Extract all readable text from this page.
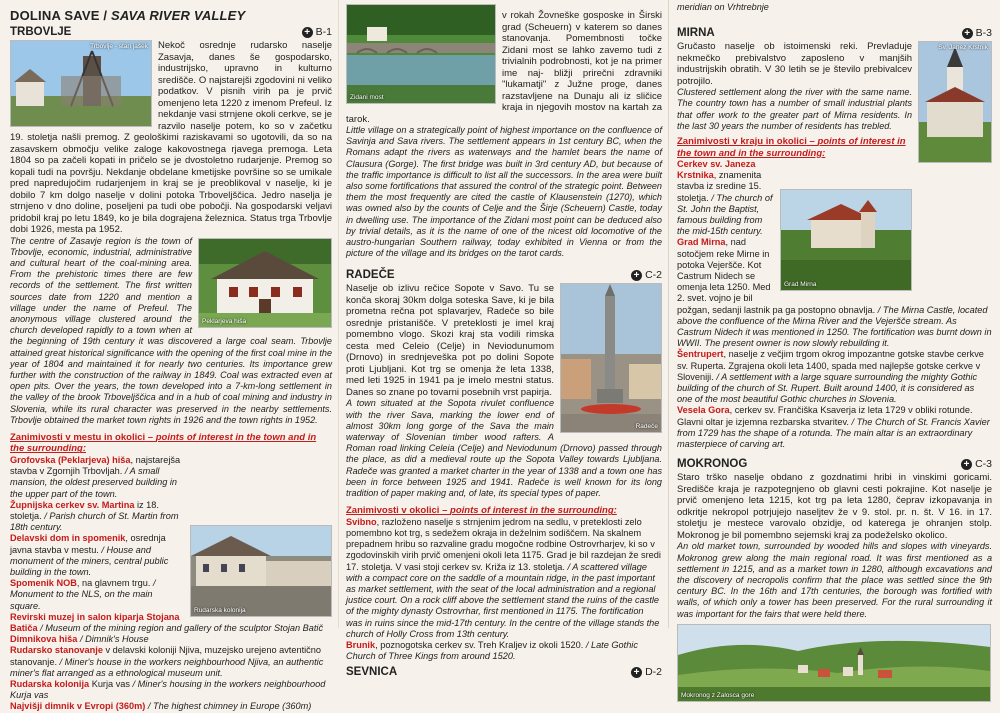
DOLINA SAVE / SAVA RIVER VALLEY
TRBOVLJE	+ B-1
Trbovlje - stari jašek	Nekoč osrednje rudarsko naselje Zasavja, danes še gospodarsko, industrijsko, upravno in kulturno središče. O najstarejši zgodovini ni veliko podatkov. V pisnih virih pa je prvič omenjeno leta 1220 z imenom Prefeul. Iz nekdanje vasi strnjene okoli cerkve, se je razvilo naselje potem, ko so v začetku 19. stoletja našli premog. Z geološkimi raziskavami so ugotovili, da so na zasavskem območju velike zaloge kakovostnega rjavega premoga. Leta 1804 so pa začeli kopati in pričelo se je dvostoletno rudarjenje. Premog so kopali tudi na površju. Nekdanje obdelane kmetijske površine so se umikale pred napredujočim rudarjenjem in kraj se je preoblikoval v naselje, ki je dobilo 7 km dolgo naselje v dolini potoka Trboveljščica. Jedro naselja je strnjeno v dno doline, poseljeni pa tudi obe pobočji. Na gospodarski veljavi pridobil kraj po letu 1849, ko je bila dograjena železnica. Status trga Trbovlje dobi 1926, mesta pa 1952.

Peklarjeva hiša

The centre of Zasavje region is the town of Trbovlje, economic, industrial, administrative and cultural heart of the coal-mining area. From the prehistoric times there are few records of the settlement. The first written sources date from 1220 and mention a village under the name of Prefeul. The anonymous village clustered around the church developed rapidly to a town when at the beginning of 19th century it was discovered a large coal seam. Trbovlje attained great historical significance with the opening of the first coal mine in the year of 1804 and maintained it for nearly two centuries. Its importance grew further with the construction of the railway in 1849. Coal was extracted even at open pits. Over the years, the town developed into a 7-km-long settlement in the valley of the brook Trboveljščica and in a hub of coal mining and industry in Slovenia, while its rural character was preserved in the nearby settlements. Trbovlje obtained the market town rights in 1926 and the town rights in 1952.

Zanimivosti v mestu in okolici – points of interest in the town and in the surrounding:

Rudarska kolonija
Grofovska (Peklarjeva) hiša, najstarejša stavba v Zgornjih Trbovljah. / A small mansion, the oldest preserved building in the upper part of the town.
Župnijska cerkev sv. Martina iz 18. stoletja. / Parish church of St. Martin from 18th century.
Delavski dom in spomenik, osrednja javna stavba v mestu. / House and monument of the miners, central public building in the town.
Spomenik NOB, na glavnem trgu. / Monument to the NLS, on the main square.
Revirski muzej in salon kiparja Stojana Batiča / Museum of the mining region and gallery of the sculptor Stojan Batič
Dimnikova hiša / Dimnik's House
Rudarsko stanovanje v delavski koloniji Njiva, muzejsko urejeno avtentično stanovanje. / Miner's house in the workers neighbourhood Njiva, an authentic miner's flat arranged as a ethnological museum unit.
Rudarska kolonija Kurja vas / Miner's housing in the workers neighbourhood Kurja vas
Najvišji dimnik v Evropi (360m) / The highest chimney in Europe (360m)
Zidani most

v rokah Žovneške gosposke in Širski grad (Scheuern) v katerem so danes stanovanja. Pomembnosti točke Zidani most se lahko zavemo tudi z trivialnih podrobnosti, kot je na primer ime naj- bližji prirečni zdravniki "lukamatji" z Južne proge, danes razstavljene na Dunaju ali iz sličice kraja in njegovih mostov na kartah za tarok.

Little village on a strategically point of highest importance on the confluence of Savinja and Sava rivers. The settlement appears in 1st century BC, when the Romans adapt the rivers as waterways and the hamlet bears the name of Clausura (Gorge). The first bridge was built in 3rd century AD, but because of the traffic importance is difficult to list all the successors. In the area were built also some fortifications that assured the control of the strategic point. Between them the most frequently are cited the castle of Klausenstein (1270), which was owned also by the counts of Celje and the Širje (Scheuern) Castle, today in dwelling use. The importance of the Zidani most point can be deduced also by trivial details, as it is the name of one of the nicest old locomotive of the austro-hungarian Southern railway, today exhibited in Vienna or from the picture of the village and its bridges on the tarot cards.

RADEČE	+ C-2
Radeče

Naselje ob izlivu rečice Sopote v Savo. Tu se konča skoraj 30km dolga soteska Save, ki je bila prometna rečna pot splavarjev, Radeče so bile osrednje pristanišče. V preteklosti je imel kraj pomembno vlogo. Skozi kraj sta vodili rimska cesta med Celeio (Celje) in Neviodunumom (Drnovo) in srednjeveška pot po dolini Sopote proti Ljubljani. Kot trg se omenja že leta 1338, med leti 1925 in 1941 pa je imelo mestni status. Danes so znane po tovarni posebnih vrst papirja.

A town situated at the Sopota rivulet confluence with the river Sava, marking the lower end of almost 30km long gorge of the Sava the main waterway of Slovenian timber wood rafters. A Roman road linking Celeia (Celje) and Neviodunum (Drnovo) passed through the place, as did a medieval route up the Sopota Valley towards Ljubljana. Radeče was granted a market charter in the year of 1338 and a town one has been in force between 1925 and 1941. Radeče is well known for its long tradition of paper making and, of late, its special types of paper.

Zanimivosti v okolici – points of interest in the surrounding:

Svibno, razloženo naselje s strnjenim jedrom na sedlu, v preteklosti zelo pomembno kot trg, s sedežem okraja in deželnim sodiščem. Na skalnem prepadnem hribu so razvaline gradu mogočne rodbine Ostrovrharjev, ki so v zgodovinskih virih prvič omenjeni okoli leta 1175. Grad je bil razdejan že sredi 17. stoletja. V vasi stoji cerkev sv. Križa iz 13. stoletja. / A scattered village with a compact core on the saddle of a mountain ridge, in the past important as market settlement, with the seat of the local administration and a regional justice court. On a rock cliff above the settlement stand the ruins of the castle of the mighty dynasty Ostrovrhar, first mentioned in 1175. The fortification was in ruins since the mid-17th century. In the centre of the village stands the church of Holly Cross from 13th century.
Brunik, poznogotska cerkev sv. Treh Kraljev iz okoli 1520. / Late Gothic Church of Three Kings from around 1520.
SEVNICA	+ D-2

meridian on Vrhtrebnje

MIRNA	+ B-3
Sv. Janez Krstnik

Gručasto naselje ob istoimenski reki. Prevladuje nekmečko prebivalstvo zaposleno v manjših industrijskih obratih. V 30 letih se je število prebivalcev potrojilo.

Clustered settlement along the river with the same name. The country town has a number of small industrial plants that offer work to the greater part of Mirna residents. In the last 30 years the number of residents has trebled.

Zanimivosti v kraju in okolici – points of interest in the town and in the surrounding:

Grad Mirna
Cerkev sv. Janeza Krstnika, znamenita stavba iz sredine 15. stoletja. / The church of St. John the Baptist, famous building from the mid-15th century.
Grad Mirna, nad sotočjem reke Mirne in potoka Vejeršče. Kot Castrum Nidech se omenja leta 1250. Med 2. svet. vojno je bil požgan, sedanji lastnik pa ga postopno obnavlja. / The Mirna Castle, located above the confluence of the Mirna River and the Vejeršče stream. As Castrum Nidech it was mentioned in 1250. The fortification was burnt down in WWII. The present owner is now slowly rebuilding it.
Šentrupert, naselje z večjim trgom okrog impozantne gotske stavbe cerkve sv. Ruperta. Zgrajena okoli leta 1400, spada med najlepše gotske cerkve v Sloveniji. / A settlement with a large square surrounding the mighty Gothic building of the church of St. Rupert. Built around 1400, it is considered as one of the most beautiful Gothic churches in Slovenia.
Vesela Gora, cerkev sv. Frančiška Ksaverja iz leta 1729 v obliki rotunde. Glavni oltar je izjemna rezbarska stvaritev. / The Church of St. Francis Xavier from 1729 has the shape of a rotunda. The main altar is an extraordinary masterpiece of carving art.
MOKRONOG	+ C-3

Staro trško naselje obdano z gozdnatimi hribi in vinskimi goricami. Središče kraja je razpotegnjeno ob glavni cesti pokrajine. Kot naselje je prvič omenjeno leta 1215, kot trg pa leta 1280, čeprav izkopavanja in odkritje nekropol potrjujejo naseljtev že v 9. stol. pr. n. št. V 16. in 17. stoletju je mestece varovalo obzidje, od katerega je ohranjen stolp. Mokronog je bil pomembno sejemski kraj za podeželsko okolico.

An old market town, surrounded by wooded hills and slopes with vineyards. Mokronog grew along the main regional road. It was first mentioned as a settlement in 1215, and as a market town in 1280, although excavations and the discovery of necropolis confirm that the place was settled since the 9th century BC. In the 16th and 17th centuries, the borough was fortified with walls, of which only a tower has been preserved. For the rural surrounding it was important for the fairs that were held there.

Mokronog z Zalosca gore
